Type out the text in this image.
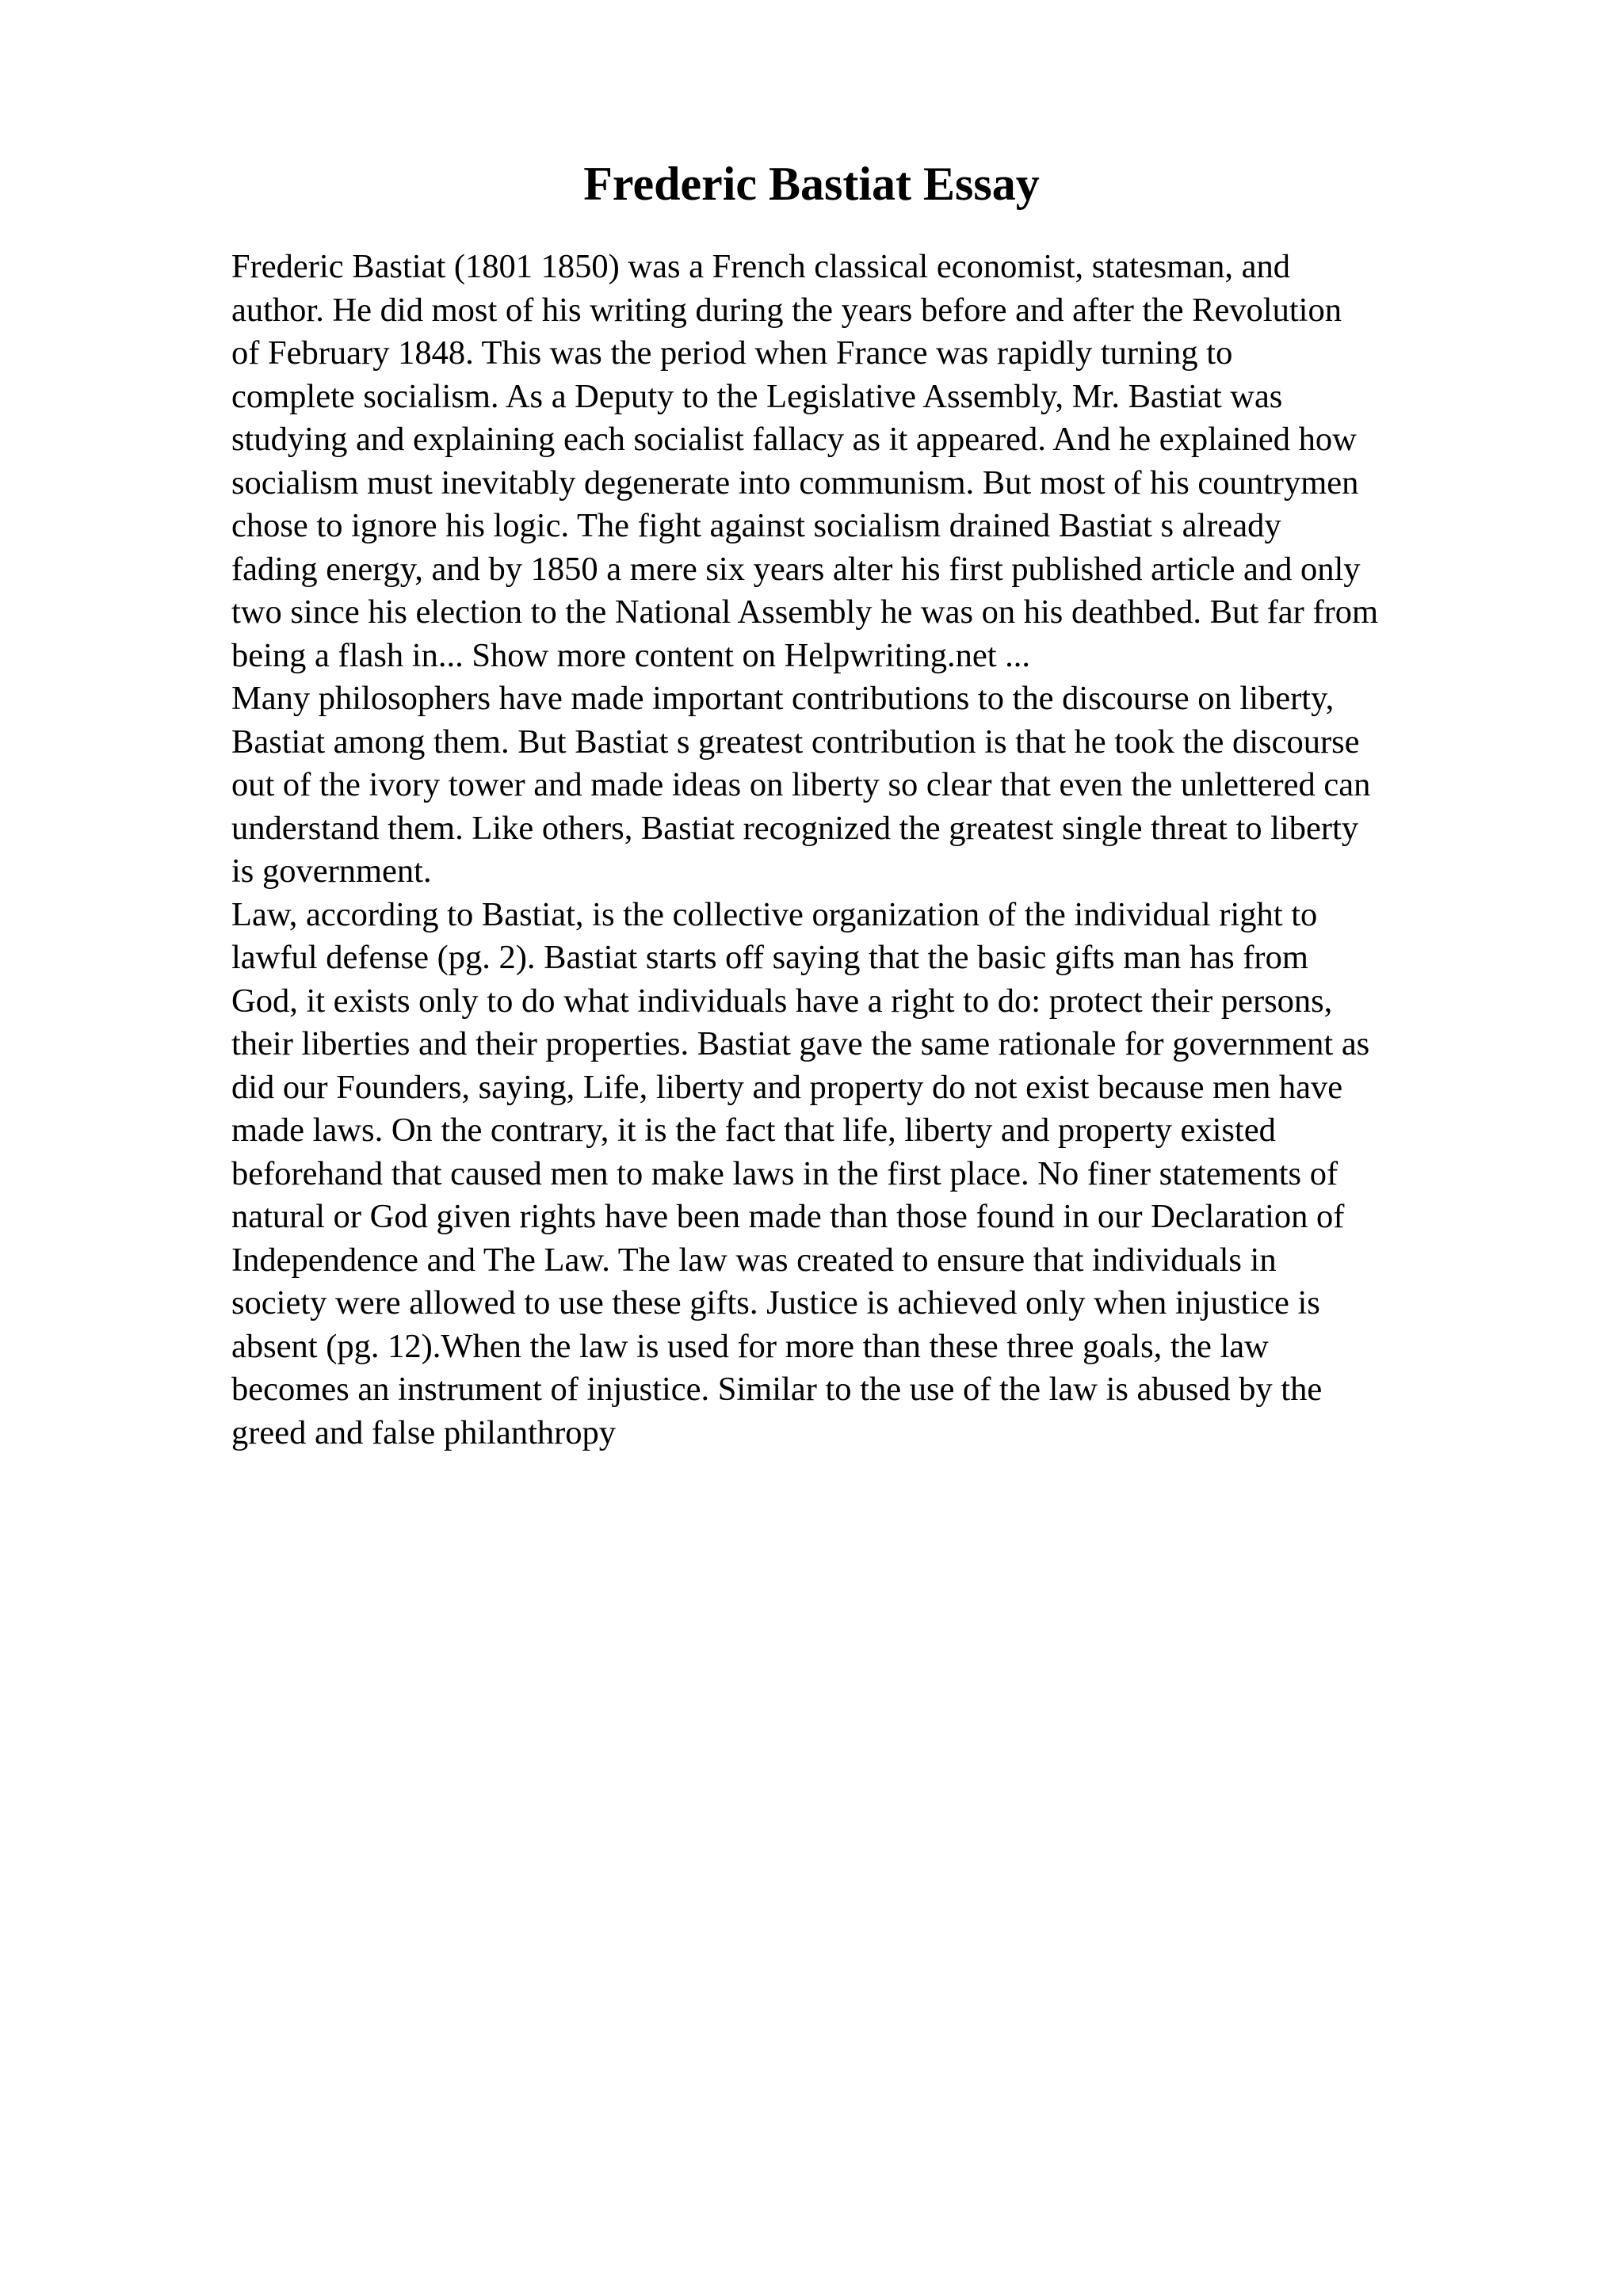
Frederic Bastiat Essay

Frederic Bastiat (1801 1850) was a French classical economist, statesman, and
author. He did most of his writing during the years before and after the Revolution
of February 1848. This was the period when France was rapidly turning to
complete socialism. As a Deputy to the Legislative Assembly, Mr. Bastiat was
studying and explaining each socialist fallacy as it appeared. And he explained how
socialism must inevitably degenerate into communism. But most of his countrymen
chose to ignore his logic. The fight against socialism drained Bastiat s already
fading energy, and by 1850 a mere six years alter his first published article and only
two since his election to the National Assembly he was on his deathbed. But far from
being a flash in... Show more content on Helpwriting.net ...

Many philosophers have made important contributions to the discourse on liberty,
Bastiat among them. But Bastiat s greatest contribution is that he took the discourse
out of the ivory tower and made ideas on liberty so clear that even the unlettered can
understand them. Like others, Bastiat recognized the greatest single threat to liberty
is government.

Law, according to Bastiat, is the collective organization of the individual right to
lawful defense (pg. 2). Bastiat starts off saying that the basic gifts man has from
God, it exists only to do what individuals have a right to do: protect their persons,
their liberties and their properties. Bastiat gave the same rationale for government as
did our Founders, saying, Life, liberty and property do not exist because men have
made laws. On the contrary, it is the fact that life, liberty and property existed
beforehand that caused men to make laws in the first place. No finer statements of
natural or God given rights have been made than those found in our Declaration of
Independence and The Law. The law was created to ensure that individuals in
society were allowed to use these gifts. Justice is achieved only when injustice is
absent (pg. 12).When the law is used for more than these three goals, the law
becomes an instrument of injustice. Similar to the use of the law is abused by the
greed and false philanthropy
